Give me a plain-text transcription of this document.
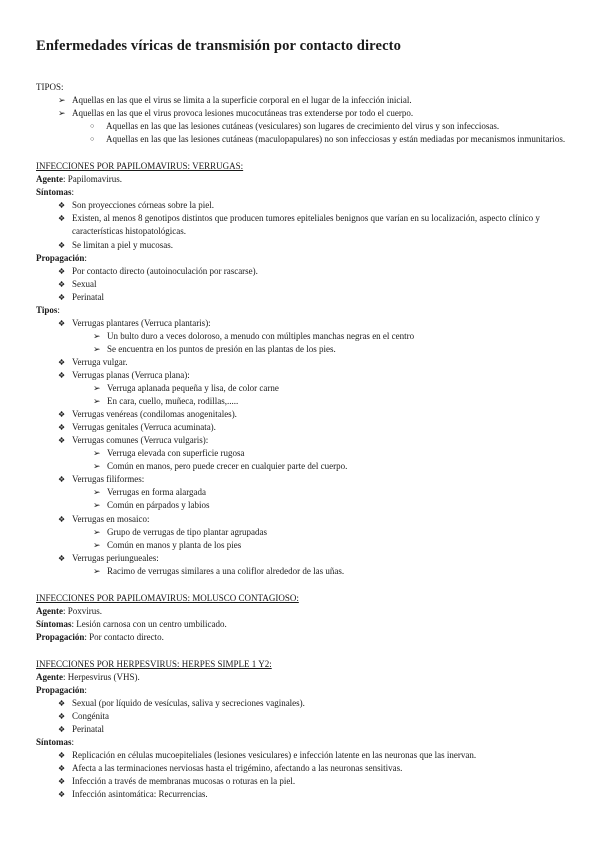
Enfermedades víricas de transmisión por contacto directo
TIPOS:
➢ Aquellas en las que el virus se limita a la superficie corporal en el lugar de la infección inicial.
➢ Aquellas en las que el virus provoca lesiones mucocutáneas tras extenderse por todo el cuerpo.
○	Aquellas en las que las lesiones cutáneas (vesiculares) son lugares de crecimiento del virus y son infecciosas.
○	Aquellas en las que las lesiones cutáneas (maculopapulares) no son infecciosas y están mediadas por mecanismos inmunitarios.
INFECCIONES POR PAPILOMAVIRUS: VERRUGAS:
Agente: Papilomavirus.
Síntomas:
❖ Son proyecciones córneas sobre la piel.
❖ Existen, al menos 8 genotipos distintos que producen tumores epiteliales benignos que varían en su localización, aspecto clínico y características histopatológicas.
❖ Se limitan a piel y mucosas.
Propagación:
❖ Por contacto directo (autoinoculación por rascarse).
❖ Sexual
❖ Perinatal
Tipos:
❖ Verrugas plantares (Verruca plantaris):
➢ Un bulto duro a veces doloroso, a menudo con múltiples manchas negras en el centro
➢ Se encuentra en los puntos de presión en las plantas de los pies.
❖ Verruga vulgar.
❖ Verrugas planas (Verruca plana):
➢ Verruga aplanada pequeña y lisa, de color carne
➢ En cara, cuello, muñeca, rodillas,.....
❖ Verrugas venéreas (condilomas anogenitales).
❖ Verrugas genitales (Verruca acuminata).
❖ Verrugas comunes (Verruca vulgaris):
➢ Verruga elevada con superficie rugosa
➢ Común en manos, pero puede crecer en cualquier parte del cuerpo.
❖ Verrugas filiformes:
➢ Verrugas en forma alargada
➢ Común en párpados y labios
❖ Verrugas en mosaico:
➢ Grupo de verrugas de tipo plantar agrupadas
➢ Común en manos y planta de los pies
❖ Verrugas periungueales:
➢ Racimo de verrugas similares a una coliflor alrededor de las uñas.
INFECCIONES POR PAPILOMAVIRUS: MOLUSCO CONTAGIOSO:
Agente: Poxvirus.
Síntomas: Lesión carnosa con un centro umbilicado.
Propagación: Por contacto directo.
INFECCIONES POR HERPESVIRUS: HERPES SIMPLE 1 Y2:
Agente: Herpesvirus (VHS).
Propagación:
❖ Sexual (por líquido de vesículas, saliva y secreciones vaginales).
❖ Congénita
❖ Perinatal
Síntomas:
❖ Replicación en células mucoepiteliales (lesiones vesiculares) e infección latente en las neuronas que las inervan.
❖ Afecta a las terminaciones nerviosas hasta el trigémino, afectando a las neuronas sensitivas.
❖ Infección a través de membranas mucosas o roturas en la piel.
❖ Infección asintomática: Recurrencias.
